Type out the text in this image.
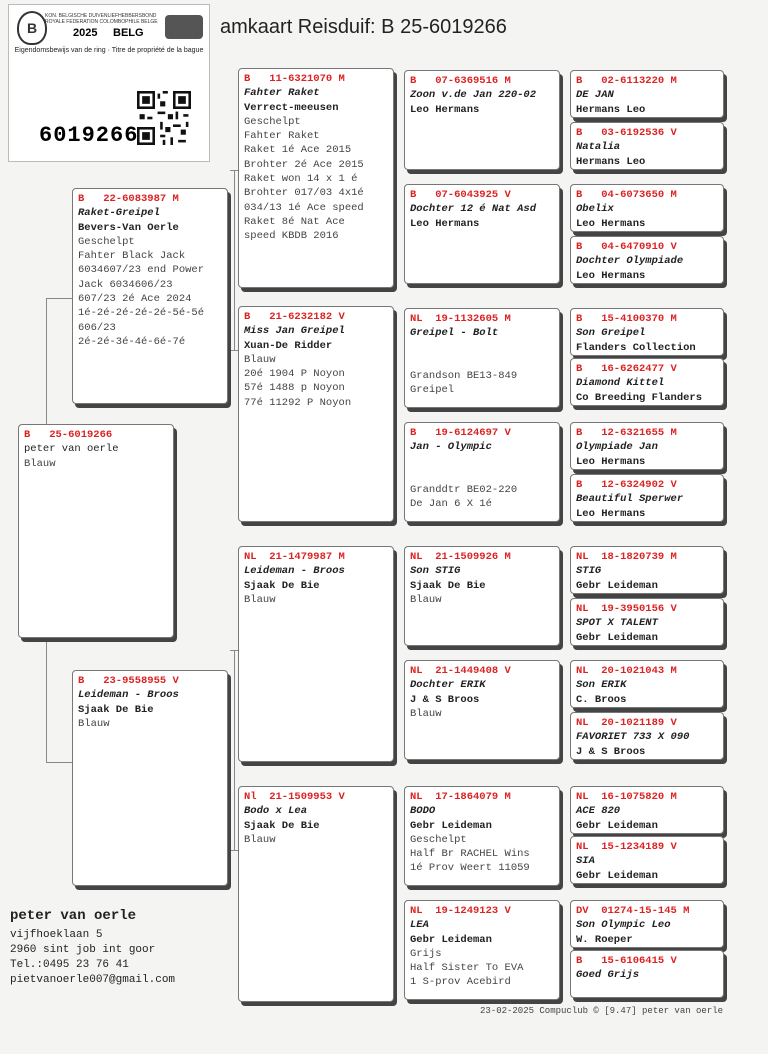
amkaart Reisduif: B 25-6019266
B
KON. BELGISCHE DUIVENLIEFHEBBERSBOND
ROYALE FEDERATION COLOMBOPHILE BELGE
2025 BELG
Eigendomsbewijs van de ring · Titre de propriété de la bague
6019266
B   25-6019266
peter van oerle
Blauw
B   22-6083987 M
Raket-Greipel
Bevers-Van Oerle
Geschelpt
Fahter Black Jack
6034607/23 end Power
Jack 6034606/23
607/23 2é Ace 2024
1é-2é-2é-2é-2é-5é-5é
606/23
2é-2é-3é-4é-6é-7é
B   23-9558955 V
Leideman - Broos
Sjaak De Bie
Blauw
B   11-6321070 M
Fahter Raket
Verrect-meeusen
Geschelpt
Fahter Raket
Raket 1é Ace 2015
Brohter 2é Ace 2015
Raket won 14 x 1 é
Brohter 017/03 4x1é
034/13 1é Ace speed
Raket 8é Nat Ace
speed KBDB 2016
B   21-6232182 V
Miss Jan Greipel
Xuan-De Ridder
Blauw
20é 1904 P Noyon
57é 1488 p Noyon
77é 11292 P Noyon
NL  21-1479987 M
Leideman - Broos
Sjaak De Bie
Blauw
Nl  21-1509953 V
Bodo x Lea
Sjaak De Bie
Blauw
B   07-6369516 M
Zoon v.de Jan 220-02
Leo Hermans
B   07-6043925 V
Dochter 12 é Nat Asd
Leo Hermans
NL  19-1132605 M
Greipel - Bolt

Grandson BE13-849
Greipel
B   19-6124697 V
Jan - Olympic

Granddtr BE02-220
De Jan 6 X 1é
NL  21-1509926 M
Son STIG
Sjaak De Bie
Blauw
NL  21-1449408 V
Dochter ERIK
J & S Broos
Blauw
NL  17-1864079 M
BODO
Gebr Leideman
Geschelpt
Half Br RACHEL Wins
1é Prov Weert 11059
NL  19-1249123 V
LEA
Gebr Leideman
Grijs
Half Sister To EVA
1 S-prov Acebird
B   02-6113220 M
DE JAN
Hermans Leo
B   03-6192536 V
Natalia
Hermans Leo
B   04-6073650 M
Obelix
Leo Hermans
B   04-6470910 V
Dochter Olympiade
Leo Hermans
B   15-4100370 M
Son Greipel
Flanders Collection
B   16-6262477 V
Diamond Kittel
Co Breeding Flanders
B   12-6321655 M
Olympiade Jan
Leo Hermans
B   12-6324902 V
Beautiful Sperwer
Leo Hermans
NL  18-1820739 M
STIG
Gebr Leideman
NL  19-3950156 V
SPOT X TALENT
Gebr Leideman
NL  20-1021043 M
Son ERIK
C. Broos
NL  20-1021189 V
FAVORIET 733 X 090
J & S Broos
NL  16-1075820 M
ACE 820
Gebr Leideman
NL  15-1234189 V
SIA
Gebr Leideman
DV  01274-15-145 M
Son Olympic Leo
W. Roeper
B   15-6106415 V
Goed Grijs
peter van oerle
vijfhoeklaan 5
2960 sint job int goor
Tel.:0495 23 76 41
pietvanoerle007@gmail.com
23-02-2025 Compuclub © [9.47] peter van oerle
